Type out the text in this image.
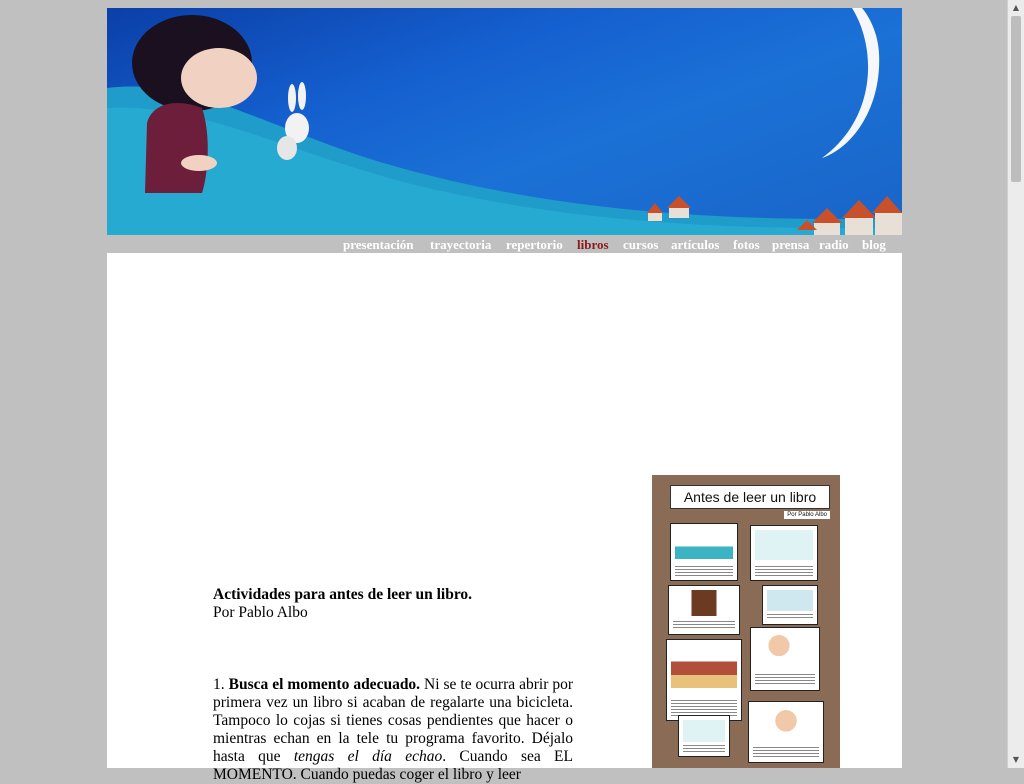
presentación trayectoria repertorio libros cursos artículos fotos prensa radio blog

Actividades para antes de leer un libro.

Por Pablo Albo

1. Busca el momento adecuado. Ni se te ocurra abrir por primera vez un libro si acaban de regalarte una bicicleta. Tampoco lo cojas si tienes cosas pendientes que hacer o mientras echan en la tele tu programa favorito. Déjalo hasta que tengas el día echao. Cuando sea EL MOMENTO. Cuando puedas coger el libro y leer

Antes de leer un libro
Por Pablo Albo
▲
▼
